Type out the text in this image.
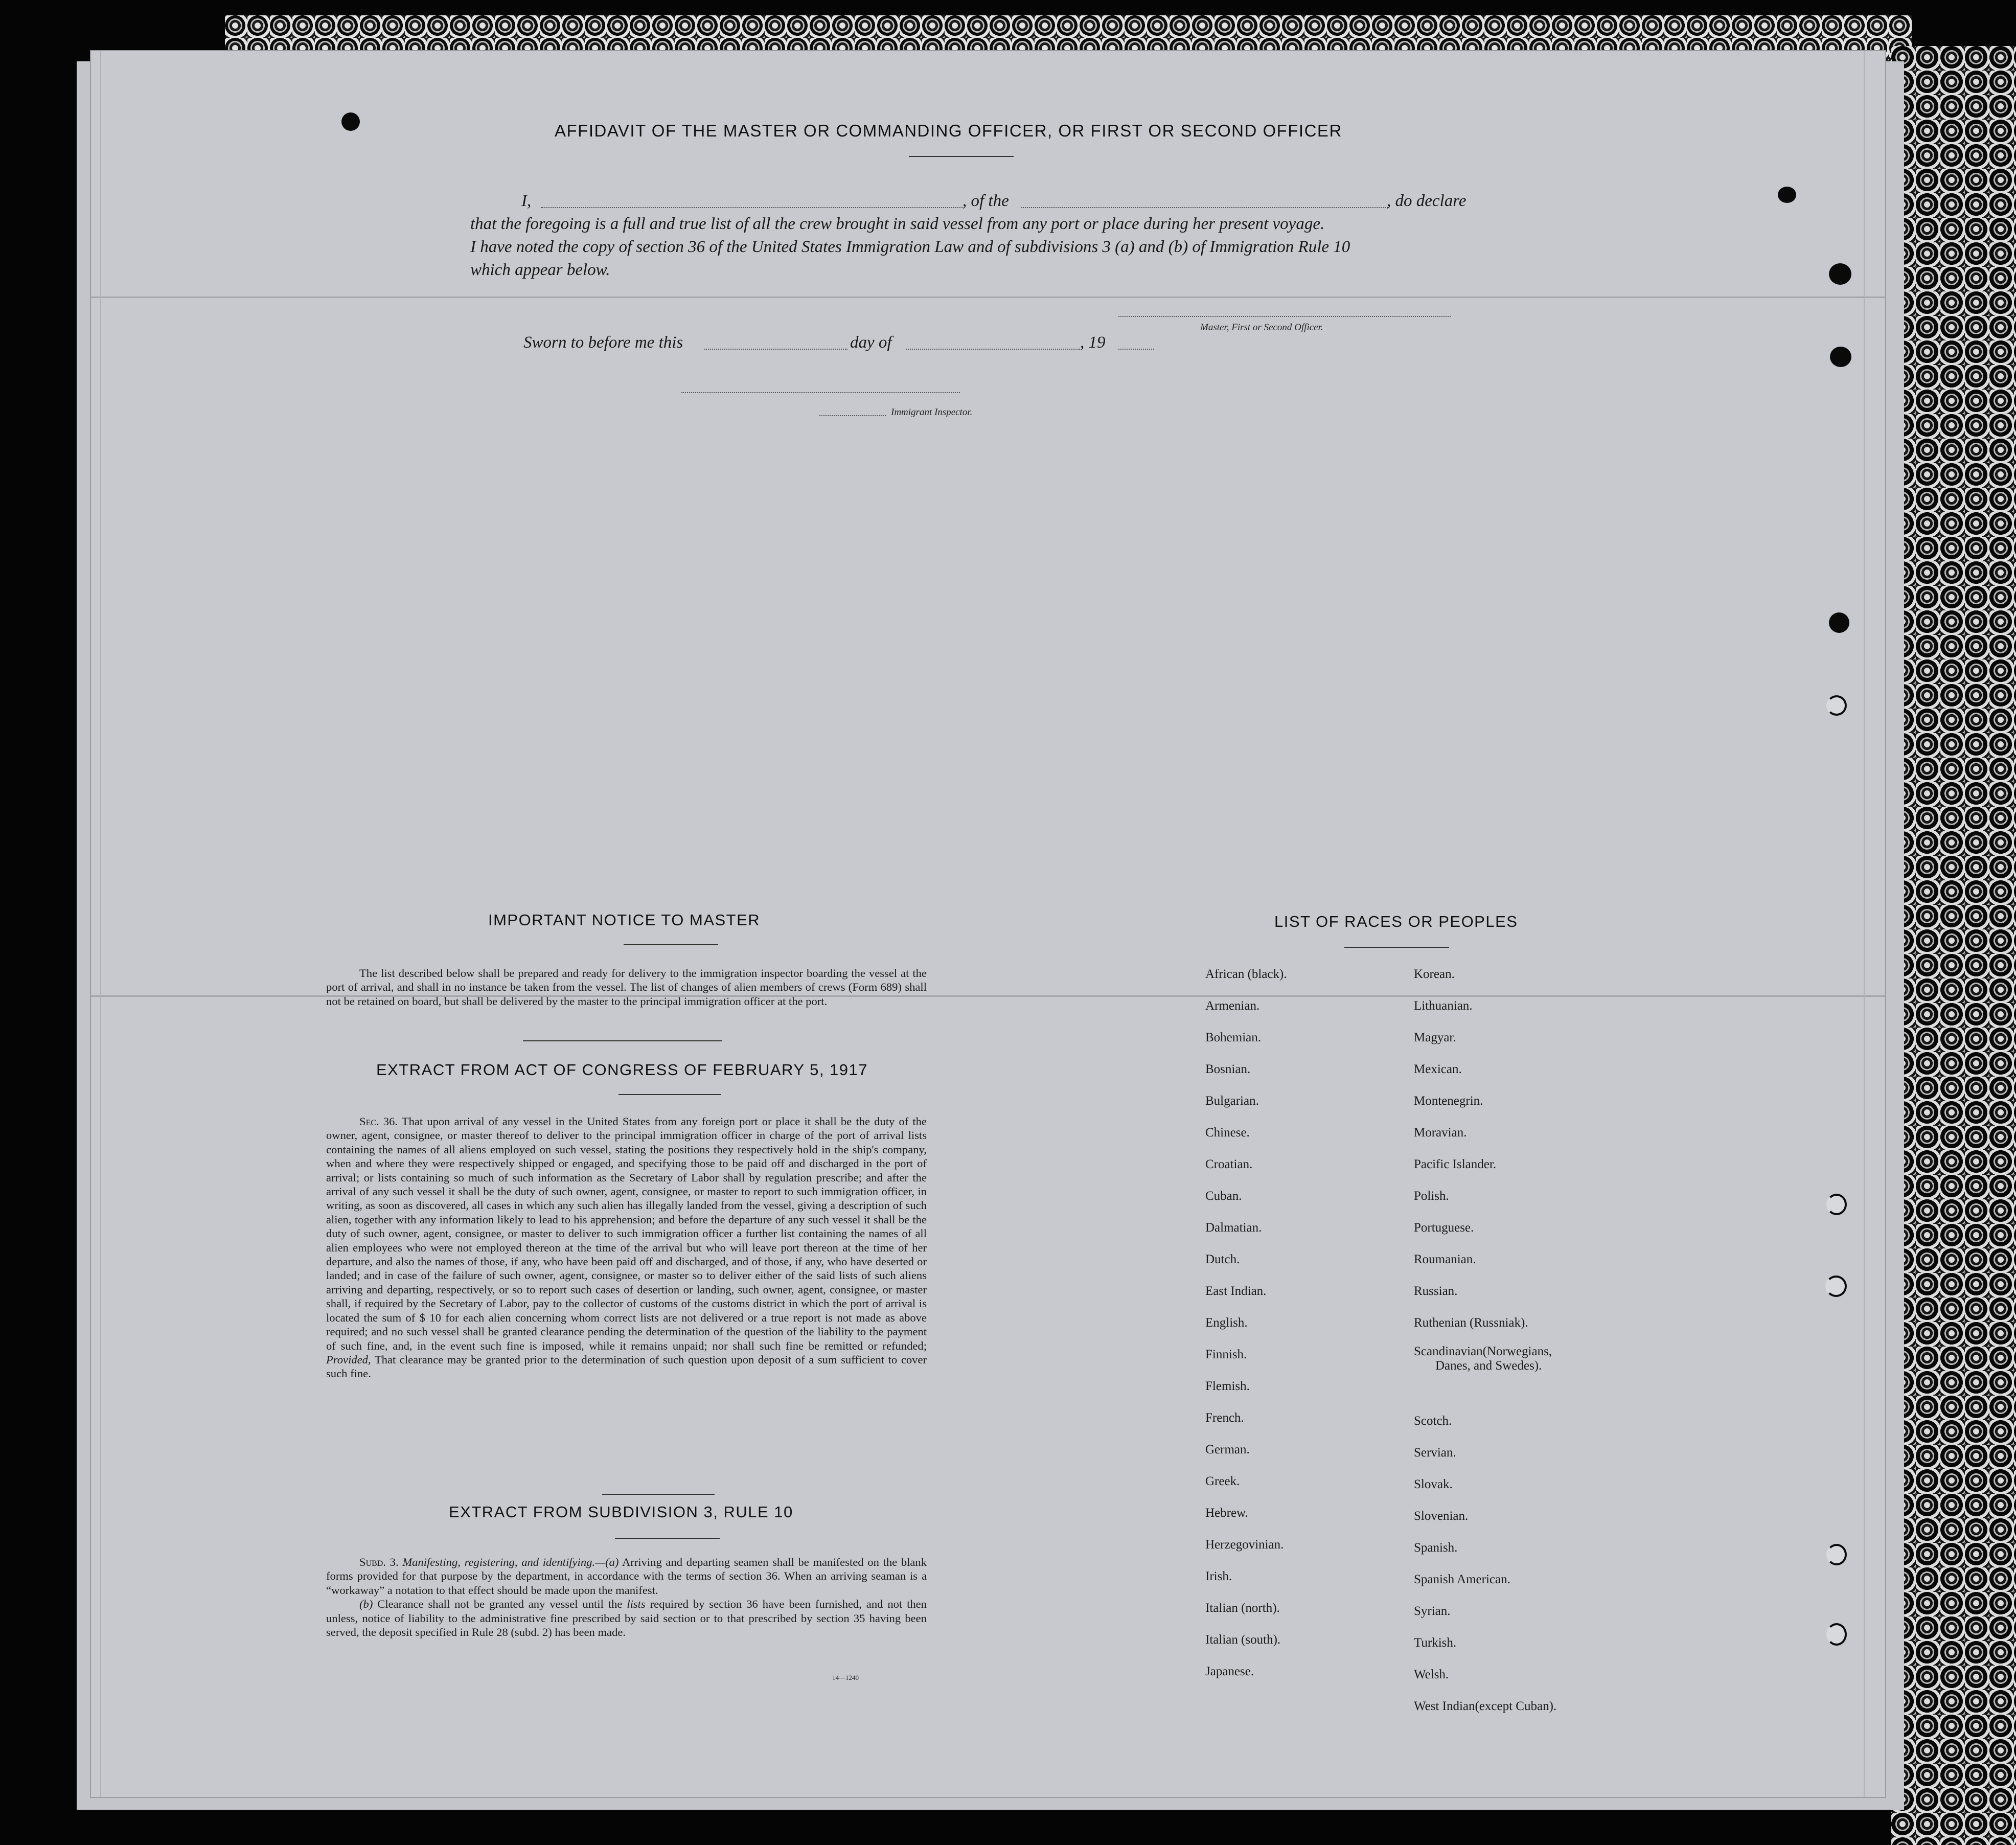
AFFIDAVIT OF THE MASTER OR COMMANDING OFFICER, OR FIRST OR SECOND OFFICER
I,	, of the	, do declare
that the foregoing is a full and true list of all the crew brought in said vessel from any port or place during her present voyage.
I have noted the copy of section 36 of the United States Immigration Law and of subdivisions 3 (a) and (b) of Immigration Rule 10
which appear below.
Master, First or Second Officer.
Sworn to before me this	day of	, 19
Immigrant Inspector.
IMPORTANT NOTICE TO MASTER

The list described below shall be prepared and ready for delivery to the immigration inspector boarding the vessel at the port of arrival, and shall in no instance be taken from the vessel. The list of changes of alien members of crews (Form 689) shall not be retained on board, but shall be delivered by the master to the principal immigration officer at the port.

EXTRACT FROM ACT OF CONGRESS OF FEBRUARY 5, 1917

Sec. 36. That upon arrival of any vessel in the United States from any foreign port or place it shall be the duty of the owner, agent, consignee, or master thereof to deliver to the principal immigration officer in charge of the port of arrival lists containing the names of all aliens employed on such vessel, stating the positions they respectively hold in the ship's company, when and where they were respectively shipped or engaged, and specifying those to be paid off and discharged in the port of arrival; or lists containing so much of such information as the Secretary of Labor shall by regulation prescribe; and after the arrival of any such vessel it shall be the duty of such owner, agent, consignee, or master to report to such immigration officer, in writing, as soon as discovered, all cases in which any such alien has illegally landed from the vessel, giving a description of such alien, together with any information likely to lead to his apprehension; and before the departure of any such vessel it shall be the duty of such owner, agent, consignee, or master to deliver to such immigration officer a further list containing the names of all alien employees who were not employed thereon at the time of the arrival but who will leave port thereon at the time of her departure, and also the names of those, if any, who have been paid off and discharged, and of those, if any, who have deserted or landed; and in case of the failure of such owner, agent, consignee, or master so to deliver either of the said lists of such aliens arriving and departing, respectively, or so to report such cases of desertion or landing, such owner, agent, consignee, or master shall, if required by the Secretary of Labor, pay to the collector of customs of the customs district in which the port of arrival is located the sum of $ 10 for each alien concerning whom correct lists are not delivered or a true report is not made as above required; and no such vessel shall be granted clearance pending the determination of the question of the liability to the payment of such fine, and, in the event such fine is imposed, while it remains unpaid; nor shall such fine be remitted or refunded; Provided, That clearance may be granted prior to the determination of such question upon deposit of a sum sufficient to cover such fine.

EXTRACT FROM SUBDIVISION 3, RULE 10

Subd. 3. Manifesting, registering, and identifying.—(a) Arriving and departing seamen shall be manifested on the blank forms provided for that purpose by the department, in accordance with the terms of section 36. When an arriving seaman is a “workaway” a notation to that effect should be made upon the manifest.

(b) Clearance shall not be granted any vessel until the lists required by section 36 have been furnished, and not then unless, notice of liability to the administrative fine prescribed by said section or to that prescribed by section 35 having been served, the deposit specified in Rule 28 (subd. 2) has been made.

14—1240
LIST OF RACES OR PEOPLES
African (black).
Armenian.
Bohemian.
Bosnian.
Bulgarian.
Chinese.
Croatian.
Cuban.
Dalmatian.
Dutch.
East Indian.
English.
Finnish.
Flemish.
French.
German.
Greek.
Hebrew.
Herzegovinian.
Irish.
Italian (north).
Italian (south).
Japanese.
Korean.
Lithuanian.
Magyar.
Mexican.
Montenegrin.
Moravian.
Pacific Islander.
Polish.
Portuguese.
Roumanian.
Russian.
Ruthenian (Russniak).
Scandinavian(Norwegians,
Danes, and Swedes).
Scotch.
Servian.
Slovak.
Slovenian.
Spanish.
Spanish American.
Syrian.
Turkish.
Welsh.
West Indian(except Cuban).
